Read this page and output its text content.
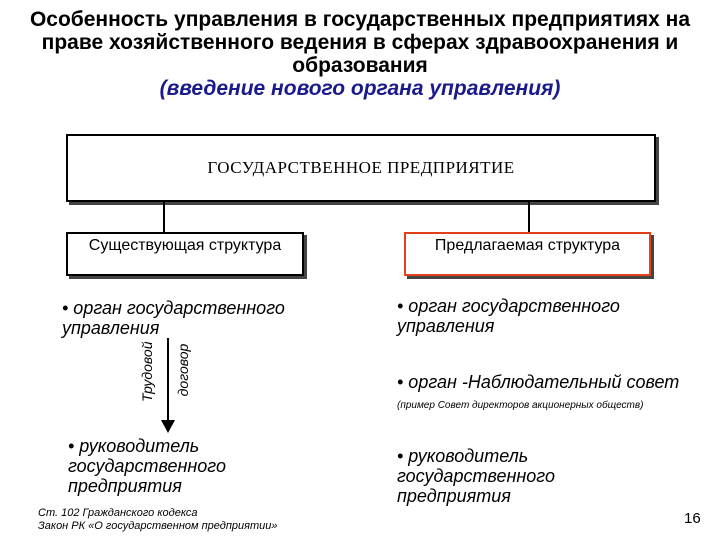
Особенность управления в государственных предприятиях на праве хозяйственного ведения в сферах здравоохранения и образования
(введение нового органа управления)
ГОСУДАРСТВЕННОЕ ПРЕДПРИЯТИЕ
Существующая структура	Предлагаемая структура
• орган государственного управления
Трудовой договор
• руководитель государственного предприятия
• орган государственного управления
• орган -Наблюдательный совет (пример Совет директоров акционерных обществ)
• руководитель государственного предприятия
Ст. 102 Гражданского кодекса
Закон РК «О государственном предприятии»	16
